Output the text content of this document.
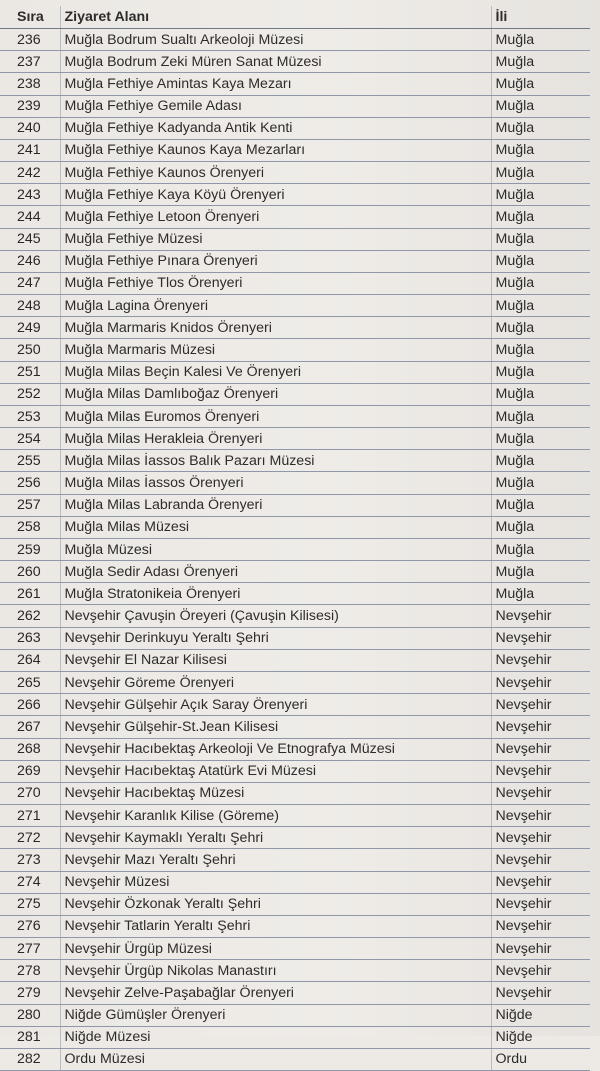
Sıra	Ziyaret Alanı	İli
236	Muğla Bodrum Sualtı Arkeoloji Müzesi	Muğla
237	Muğla Bodrum Zeki Müren Sanat Müzesi	Muğla
238	Muğla Fethiye Amintas Kaya Mezarı	Muğla
239	Muğla Fethiye Gemile Adası	Muğla
240	Muğla Fethiye Kadyanda Antik Kenti	Muğla
241	Muğla Fethiye Kaunos Kaya Mezarları	Muğla
242	Muğla Fethiye Kaunos Örenyeri	Muğla
243	Muğla Fethiye Kaya Köyü Örenyeri	Muğla
244	Muğla Fethiye Letoon Örenyeri	Muğla
245	Muğla Fethiye Müzesi	Muğla
246	Muğla Fethiye Pınara Örenyeri	Muğla
247	Muğla Fethiye Tlos Örenyeri	Muğla
248	Muğla Lagina Örenyeri	Muğla
249	Muğla Marmaris Knidos Örenyeri	Muğla
250	Muğla Marmaris Müzesi	Muğla
251	Muğla Milas Beçin Kalesi Ve Örenyeri	Muğla
252	Muğla Milas Damlıboğaz Örenyeri	Muğla
253	Muğla Milas Euromos Örenyeri	Muğla
254	Muğla Milas Herakleia Örenyeri	Muğla
255	Muğla Milas İassos Balık Pazarı Müzesi	Muğla
256	Muğla Milas İassos Örenyeri	Muğla
257	Muğla Milas Labranda Örenyeri	Muğla
258	Muğla Milas Müzesi	Muğla
259	Muğla Müzesi	Muğla
260	Muğla Sedir Adası Örenyeri	Muğla
261	Muğla Stratonikeia Örenyeri	Muğla
262	Nevşehir Çavuşin Öreyeri (Çavuşin Kilisesi)	Nevşehir
263	Nevşehir Derinkuyu Yeraltı Şehri	Nevşehir
264	Nevşehir El Nazar Kilisesi	Nevşehir
265	Nevşehir Göreme Örenyeri	Nevşehir
266	Nevşehir Gülşehir Açık Saray Örenyeri	Nevşehir
267	Nevşehir Gülşehir-St.Jean Kilisesi	Nevşehir
268	Nevşehir Hacıbektaş Arkeoloji Ve Etnografya Müzesi	Nevşehir
269	Nevşehir Hacıbektaş Atatürk Evi Müzesi	Nevşehir
270	Nevşehir Hacıbektaş Müzesi	Nevşehir
271	Nevşehir Karanlık Kilise (Göreme)	Nevşehir
272	Nevşehir Kaymaklı Yeraltı Şehri	Nevşehir
273	Nevşehir Mazı Yeraltı Şehri	Nevşehir
274	Nevşehir Müzesi	Nevşehir
275	Nevşehir Özkonak Yeraltı Şehri	Nevşehir
276	Nevşehir Tatlarin Yeraltı Şehri	Nevşehir
277	Nevşehir Ürgüp Müzesi	Nevşehir
278	Nevşehir Ürgüp Nikolas Manastırı	Nevşehir
279	Nevşehir Zelve-Paşabağlar Örenyeri	Nevşehir
280	Niğde Gümüşler Örenyeri	Niğde
281	Niğde Müzesi	Niğde
282	Ordu Müzesi	Ordu
